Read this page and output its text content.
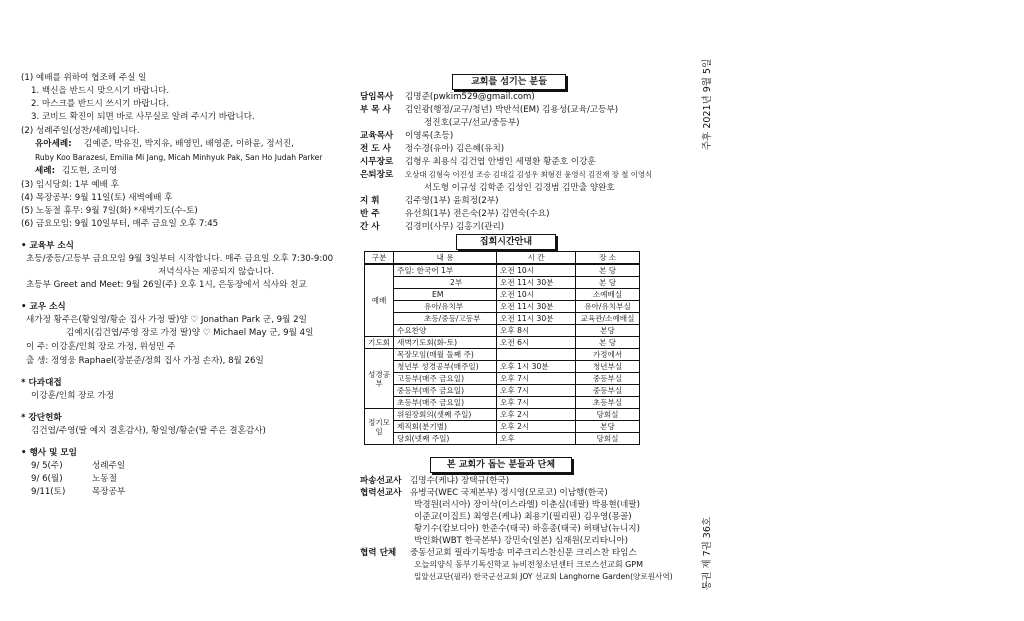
(1) 예배를 위하여 협조해 주실 일
1. 백신을 반드시 맞으시기 바랍니다.
2. 마스크를 반드시 쓰시기 바랍니다.
3. 코비드 확진이 되면 바로 사무실로 알려 주시기 바랍니다.
(2) 성례주일(성찬/세례)입니다.
유아세례: 김예준, 박유진, 박지유, 배영민, 배영준, 이하윤, 정서진,
Ruby Koo Barazesi, Emilia Mi Jang, Micah Minhyuk Pak, San Ho Judah Parker
세례: 김도현, 조미영
(3) 임시당회: 1부 예배 후
(4) 목장공부: 9월 11일(토) 새벽예배 후
(5) 노동절 휴무: 9월 7일(화) *새벽기도(수-토)
(6) 금요모임: 9월 10일부터, 매주 금요일 오후 7:45
• 교육부 소식
초등/중등/고등부 금요모임 9월 3일부터 시작합니다. 매주 금요일 오후 7:30-9:00
저녁식사는 제공되지 않습니다.
초등부 Greet and Meet: 9월 26일(주) 오후 1시, 은동장에서 식사와 친교
• 교우 소식
새가정 황주은(황일영/황순 집사 가정 딸)양 ♡ Jonathan Park 군, 9월 2일
김예지(김건엽/주영 장로 가정 딸)양 ♡ Michael May 군, 9월 4일
이 주: 이강훈/인희 장로 가정, 위성민 주
출 생: 정영웅 Raphael(장분준/정희 집사 가정 손자), 8월 26일
* 다과대접
이강훈/인희 장로 가정
* 강단헌화
김건엽/주영(딸 예지 결혼감사), 황일영/황순(딸 주은 결혼감사)
• 행사 및 모임
9/ 5(주)	성례주일
9/ 6(월)	노동절
9/11(토)	목장공부
교회를 섬기는 분들
담임목사 김명준(pwkim529@gmail.com)
부 목 사 김인광(행정/교구/청년) 박반석(EM) 김용성(교육/고등부)
정진호(교구/선교/중등부)
교육목사 이영록(초등)
전 도 사 정수경(유아) 김은혜(유치)
시무장로 김형우 최용식 김건엽 안병인 세명환 황준호 이강훈
은퇴장로 오상대 김형숙 이진성 조승 김대길 김성우 최형진 윤영식 김진재 장 철 이영식
서도형 이규성 김학준 김성인 김경범 김만출 양완호
지 휘	김주영(1부) 윤희정(2부)
반 주	유선희(1부) 전은숙(2부) 김연숙(수요)
간 사	김경미(사무) 김홍기(관리)
집회시간안내
구분	내 용	시 간	장 소
예배	주일: 한국어 1부	오전 10시	본 당
	2부	오전 11시 30분	본 당
	EM	오전 10시	소예배실
	유아/유치부	오전 11시 30분	유아/유치부실
	초등/중등/고등부	오전 11시 30분	교육관/소예배실
	수요찬양	오후 8시	본당
기도회	새벽기도회(화-토)	오전 6시	본 당
성경공부	목장모임(매월 둘째 주)		가정에서
	청년부 성경공부(매주일)	오후 1시 30분	청년부실
	고등부(매주 금요일)	오후 7시	중등부실
	중등부(매주 금요일)	오후 7시	중등부실
	초등부(매주 금요일)	오후 7시	초등부실
정기모임	위원장회의(셋째 주일)	오후 2시	당회실
	제직회(분기별)	오후 2시	본당
	당회(넷째 주일)	오후	당회실
본 교회가 돕는 분들과 단체
파송선교사 김명수(케냐) 장택규(한국)
협력선교사 유병국(WEC 국제본부) 정시영(모로코) 이남행(한국)
박경원(러시아) 장이삭(이스라엘) 이춘심(네팔) 박용현(네팔)
이준교(이집트) 최영은(케냐) 최용기(필리핀) 김우영(몽골)
황기수(캄보디아) 한준수(태국) 하홍종(태국) 허태남(뉴니지)
박인화(WBT 한국본부) 강민숙(일본) 심재원(모리타니아)
협력 단체 중동선교회 필라기독방송 미주크리스찬신문 크리스찬 타임스
오늘의양식 동부기독신학교 뉴비전청소년센터 크로스선교회 GPM
밀알선교단(필라) 한국군선교회 JOY 선교회 Langhorne Garden(양로원사역)
주후 2021년 9월 5일
통권 제 7권 36호
